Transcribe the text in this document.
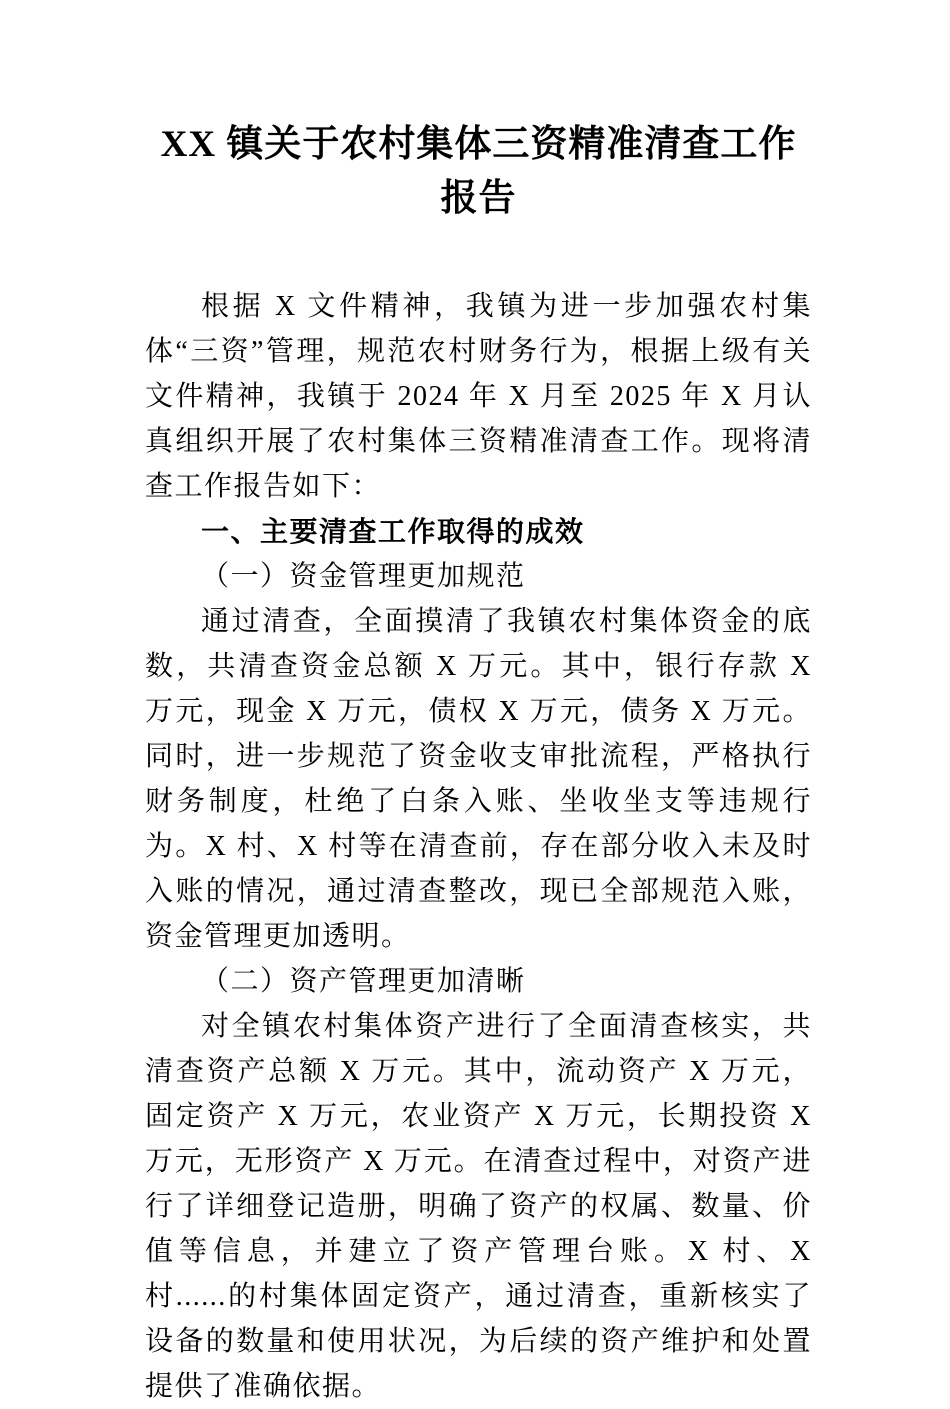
XX 镇关于农村集体三资精准清查工作报告

根据 X 文件精神，我镇为进一步加强农村集体“三资”管理，规范农村财务行为，根据上级有关文件精神，我镇于 2024 年 X 月至 2025 年 X 月认真组织开展了农村集体三资精准清查工作。现将清查工作报告如下：

一、主要清查工作取得的成效
（一）资金管理更加规范

通过清查，全面摸清了我镇农村集体资金的底数，共清查资金总额 X 万元。其中，银行存款 X 万元，现金 X 万元，债权 X 万元，债务 X 万元。同时，进一步规范了资金收支审批流程，严格执行财务制度，杜绝了白条入账、坐收坐支等违规行为。X 村、X 村等在清查前，存在部分收入未及时入账的情况，通过清查整改，现已全部规范入账，资金管理更加透明。

（二）资产管理更加清晰

对全镇农村集体资产进行了全面清查核实，共清查资产总额 X 万元。其中，流动资产 X 万元，固定资产 X 万元，农业资产 X 万元，长期投资 X 万元，无形资产 X 万元。在清查过程中，对资产进行了详细登记造册，明确了资产的权属、数量、价值等信息，并建立了资产管理台账。X 村、X 村......的村集体固定资产，通过清查，重新核实了设备的数量和使用状况，为后续的资产维护和处置提供了准确依据。
